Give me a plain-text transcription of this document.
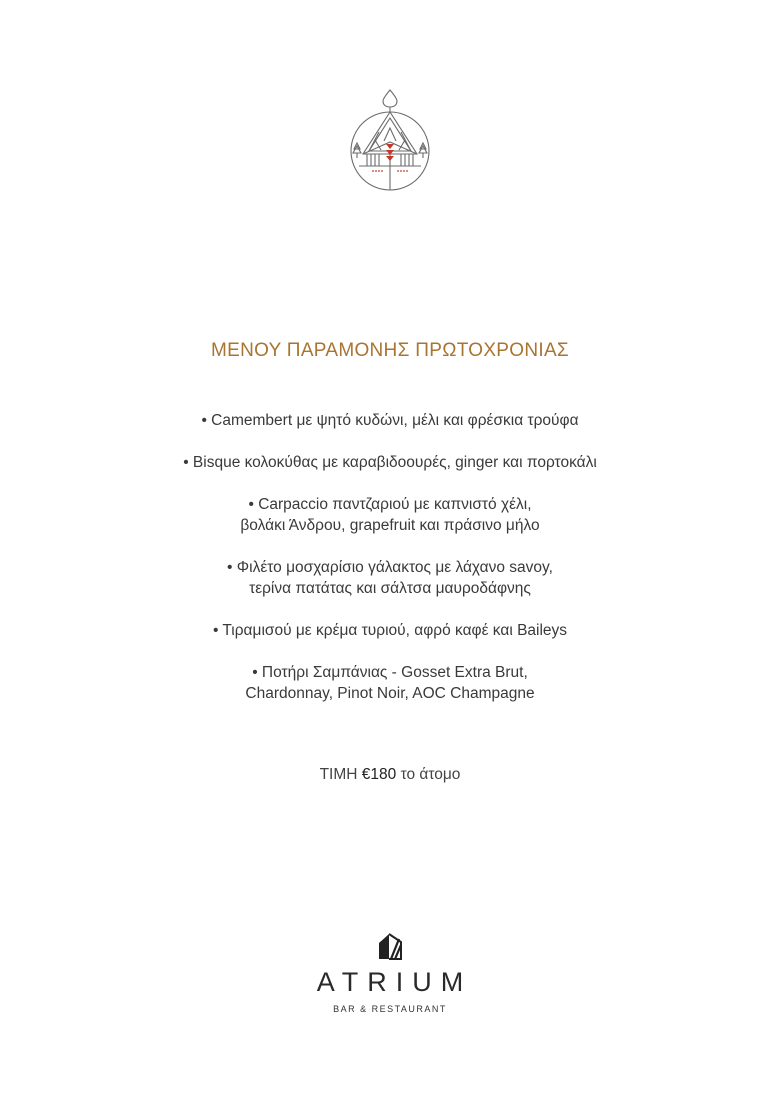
ΜΕΝΟΥ ΠΑΡΑΜΟΝΗΣ ΠΡΩΤΟΧΡΟΝΙΑΣ
• Camembert με ψητό κυδώνι, μέλι και φρέσκια τρούφα
• Bisque κολοκύθας με καραβιδοουρές, ginger και πορτοκάλι
• Carpaccio παντζαριού με καπνιστό χέλι,
βολάκι Άνδρου, grapefruit και πράσινο μήλο
• Φιλέτο μοσχαρίσιο γάλακτος με λάχανο savoy,
τερίνα πατάτας και σάλτσα μαυροδάφνης
• Τιραμισού με κρέμα τυριού, αφρό καφέ και Baileys
• Ποτήρι Σαμπάνιας - Gosset Extra Brut,
Chardonnay, Pinot Noir, AOC Champagne
ΤΙΜΗ €180 το άτομο
ATRIUM
BAR & RESTAURANT
